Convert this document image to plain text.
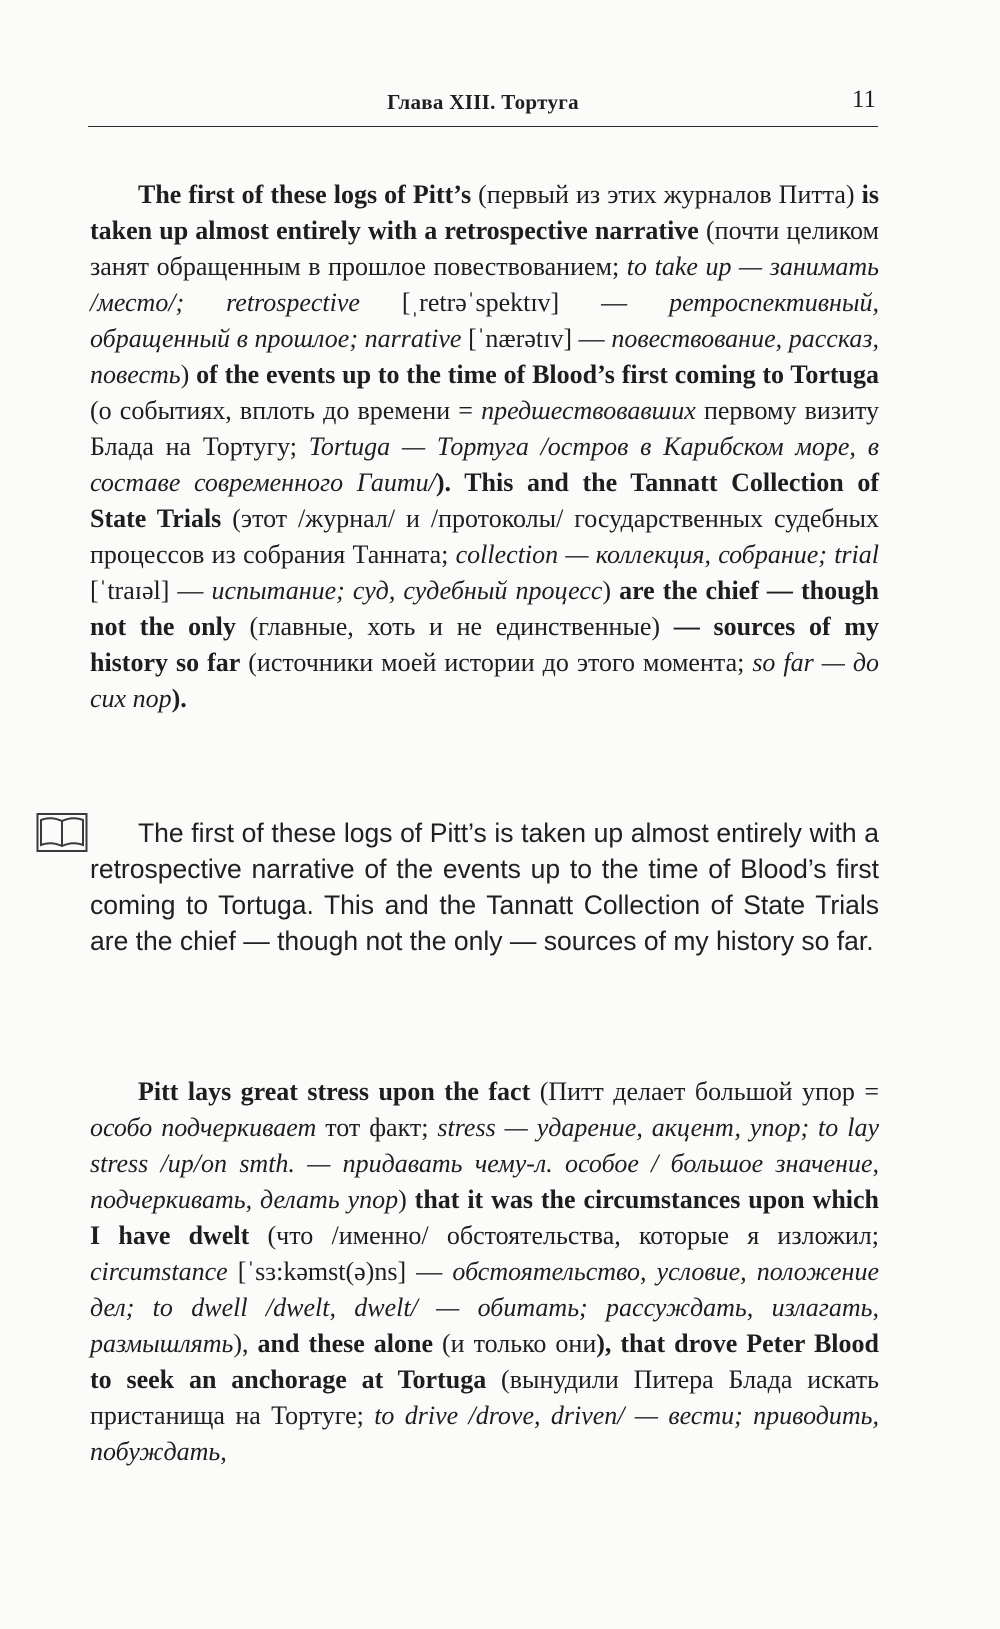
Глава XIII. Тортуга	11

The first of these logs of Pitt’s (первый из этих журналов Питта) is taken up almost entirely with a retrospective narrative (почти целиком занят обращенным в прошлое повествованием; to take up — занимать /место/; retrospective [ˌretrəˈspektɪv] — ретроспективный, обращенный в прошлое; narrative [ˈnærətɪv] — повествование, рассказ, повесть) of the events up to the time of Blood’s first coming to Tortuga (о событиях, вплоть до времени = предшествовавших первому визиту Блада на Тортугу; Tortuga — Тортуга /остров в Карибском море, в составе современного Гаити/). This and the Tannatt Collection of State Trials (этот /журнал/ и /протоколы/ государственных судебных процессов из собрания Танната; collection — коллекция, собрание; trial [ˈtraɪəl] — испытание; суд, судебный процесс) are the chief — though not the only (главные, хоть и не единственные) — sources of my history so far (источники моей истории до этого момента; so far — до сих пор).

The first of these logs of Pitt’s is taken up almost entirely with a retrospective narrative of the events up to the time of Blood’s first coming to Tortuga. This and the Tannatt Collection of State Trials are the chief — though not the only — sources of my history so far.

Pitt lays great stress upon the fact (Питт делает большой упор = особо подчеркивает тот факт; stress — ударение, акцент, упор; to lay stress /up/on smth. — придавать чему-л. особое / большое значение, подчеркивать, делать упор) that it was the circumstances upon which I have dwelt (что /именно/ обстоятельства, которые я изложил; circumstance [ˈsɜ:kəmst(ə)ns] — обстоятельство, условие, положение дел; to dwell /dwelt, dwelt/ — обитать; рассуждать, излагать, размышлять), and these alone (и только они), that drove Peter Blood to seek an anchorage at Tortuga (вынудили Питера Блада искать пристанища на Тортуге; to drive /drove, driven/ — вести; приводить, побуждать,
